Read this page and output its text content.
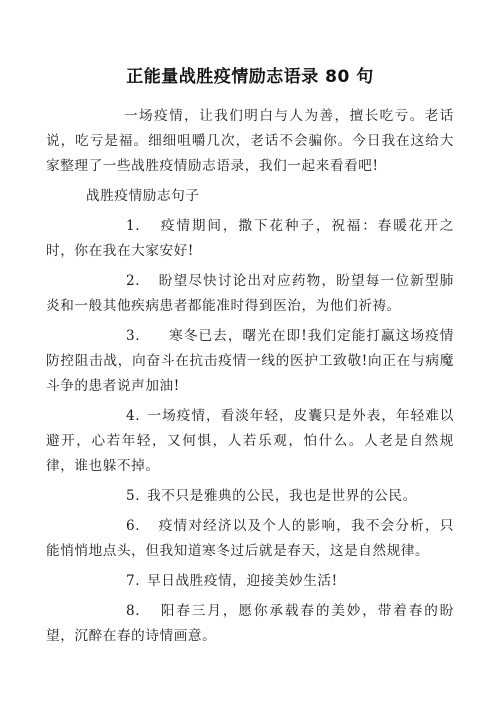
正能量战胜疫情励志语录 80 句

一场疫情，让我们明白与人为善，擅长吃亏。老话说，吃亏是福。细细咀嚼几次，老话不会骗你。今日我在这给大家整理了一些战胜疫情励志语录，我们一起来看看吧!

战胜疫情励志句子

1.   疫情期间，撒下花种子，祝福：春暖花开之时，你在我在大家安好!

2.   盼望尽快讨论出对应药物，盼望每一位新型肺炎和一般其他疾病患者都能准时得到医治，为他们祈祷。

3.     寒冬已去，曙光在即!我们定能打赢这场疫情防控阻击战，向奋斗在抗击疫情一线的医护工致敬!向正在与病魔斗争的患者说声加油!

4. 一场疫情，看淡年轻，皮囊只是外表，年轻难以避开，心若年轻，又何惧，人若乐观，怕什么。人老是自然规律，谁也躲不掉。

5. 我不只是雅典的公民，我也是世界的公民。

6.   疫情对经济以及个人的影响，我不会分析，只能悄悄地点头，但我知道寒冬过后就是春天，这是自然规律。

7. 早日战胜疫情，迎接美妙生活!

8.   阳春三月，愿你承载春的美妙，带着春的盼望，沉醉在春的诗情画意。
